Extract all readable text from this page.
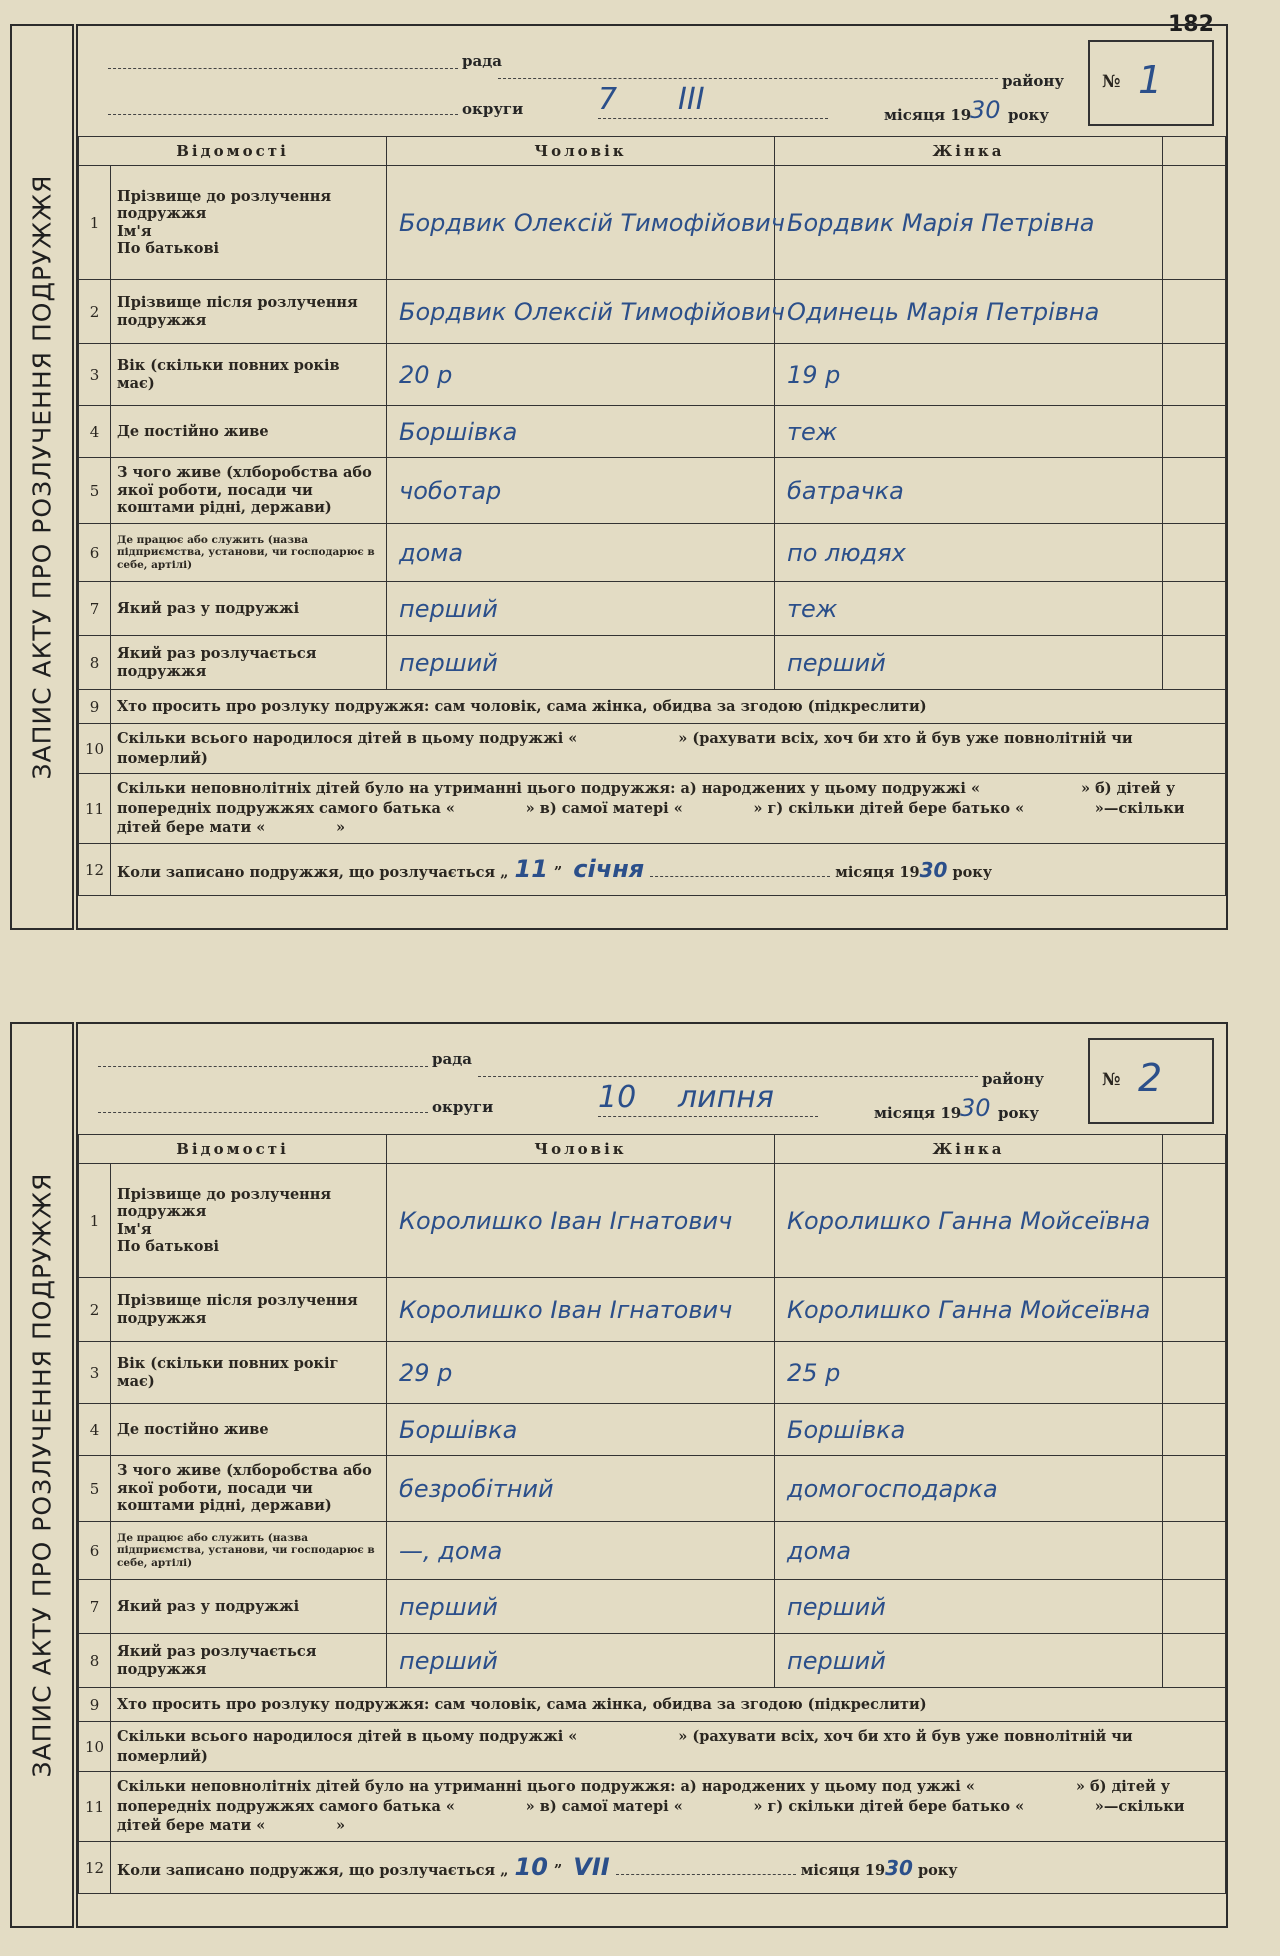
182
ЗАПИС АКТУ ПРО РОЗЛУЧЕННЯ ПОДРУЖЖЯ
рада
району
округи 7 III	місяця 19
30 року
№ 1
Відомості		Чоловік	Жінка	
1	Прізвище до розлучення подружжя
Ім'я
По батькові	Бордвик Олексій Тимофійович	Бордвик Марія Петрівна	
2	Прізвище після розлучення подружжя	Бордвик Олексій Тимофійович	Одинець Марія Петрівна	
3	Вік (скільки повних років має)	20 р	19 р	
4	Де постійно живе	Боршівка	теж	
5	З чого живе (хлборобства або якої роботи, посади чи коштами рідні, держави)	чоботар	батрачка	
6	Де працює або служить (назва підприємства, установи, чи господарює в себе, артілі)	дома	по людях	
7	Який раз у подружжі	перший	теж	
8	Який раз розлучається подружжя	перший	перший	
9	Хто просить про розлуку подружжя: сам чоловік, сама жінка, обидва за згодою (підкреслити)			
10	Скільки всього народилося дітей в цьому подружжі «                    » (рахувати всіх, хоч би хто й був уже повнолітній чи померлий)			
11	Скільки неповнолітніх дітей було на утриманні цього подружжя: а) народжених у цьому подружжі «                    » б) дітей у попередніх подружжях самого батька «              » в) самої матері «              » г) скільки дітей бере батько «              »—скільки дітей бере мати «              »			
12	Коли записано подружжя, що розлучається „ 11 ” січня місяця 1930 року			
ЗАПИС АКТУ ПРО РОЗЛУЧЕННЯ ПОДРУЖЖЯ
рада
району
округи	10 липня	місяця 19
30 року
№ 2
Відомості		Чоловік	Жінка	
1	Прізвище до розлучення подружжя
Ім'я
По батькові	Королишко Іван Ігнатович	Королишко Ганна Мойсеївна	
2	Прізвище після розлучення подружжя	Королишко Іван Ігнатович	Королишко Ганна Мойсеївна	
3	Вік (скільки повних рокіг має)	29 р	25 р	
4	Де постійно живе	Боршівка	Боршівка	
5	З чого живе (хлборобства або якої роботи, посади чи коштами рідні, держави)	безробітний	домогосподарка	
6	Де працює або служить (назва підприємства, установи, чи господарює в себе, артілі)	—, дома	дома	
7	Який раз у подружжі	перший	перший	
8	Який раз розлучається подружжя	перший	перший	
9	Хто просить про розлуку подружжя: сам чоловік, сама жінка, обидва за згодою (підкреслити)			
10	Скільки всього народилося дітей в цьому подружжі «                    » (рахувати всіх, хоч би хто й був уже повнолітній чи померлий)			
11	Скільки неповнолітніх дітей було на утриманні цього подружжя: а) народжених у цьому под ужжі «                    » б) дітей у попередніх подружжях самого батька «              » в) самої матері «              » г) скільки дітей бере батько «              »—скільки дітей бере мати «              »			
12	Коли записано подружжя, що розлучається „ 10 ” VII місяця 1930 року			
